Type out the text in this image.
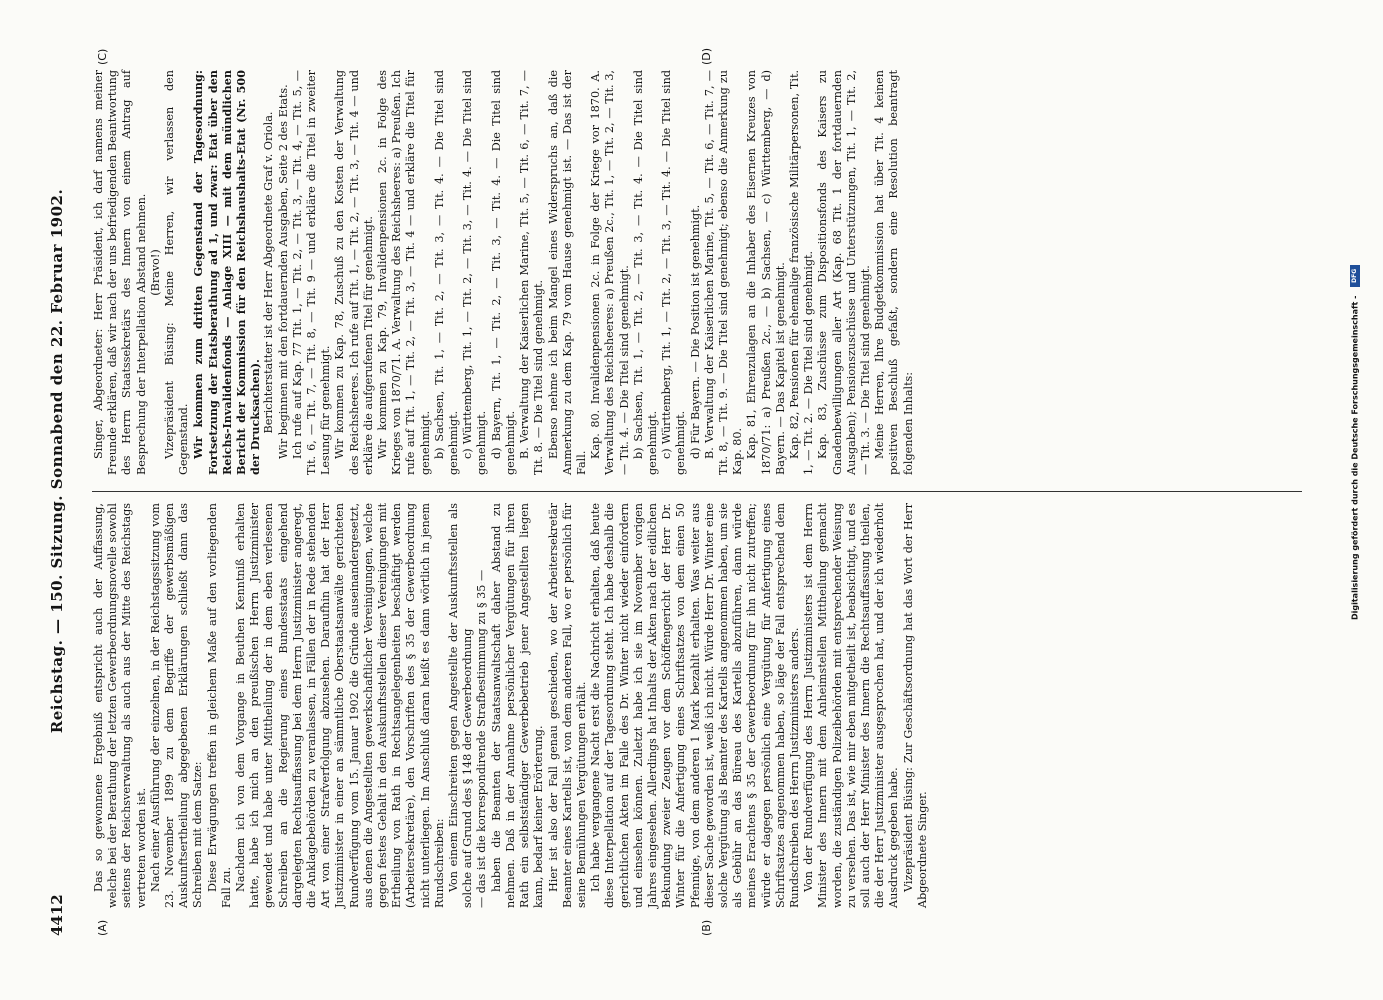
4412
Reichstag. — 150. Sitzung. Sonnabend den 22. Februar 1902.
(A)	(B)
(C)	(D)

Das so gewonnene Ergebniß entspricht auch der Auffassung, welche bei der Berathung der letzten Gewerbeordnungsnovelle sowohl seitens der Reichsverwaltung als auch aus der Mitte des Reichstags vertreten worden ist. Nach einer Ausführung der einzelnen, in der Reichstagssitzung vom 23. November 1899 zu dem Begriffe der gewerbsmäßigen Auskunftsertheilung abgegebenen Erklärungen schließt dann das Schreiben mit dem Satze: Diese Erwägungen treffen in gleichem Maße auf den vorliegenden Fall zu. Nachdem ich von dem Vorgange in Beuthen Kenntniß erhalten hatte, habe ich mich an den preußischen Herrn Justizminister gewendet und habe unter Mittheilung der in dem eben verlesenen Schreiben an die Regierung eines Bundesstaats eingehend dargelegten Rechtsauffassung bei dem Herrn Justizminister angeregt, die Anklagebehörden zu veranlassen, in Fällen der in Rede stehenden Art von einer Strafverfolgung abzusehen. Daraufhin hat der Herr Justizminister in einer an sämmtliche Oberstaatsanwälte gerichteten Rundverfügung vom 15. Januar 1902 die Gründe auseinandergesetzt, aus denen die Angestellten gewerkschaftlicher Vereinigungen, welche gegen festes Gehalt in den Auskunftsstellen dieser Vereinigungen mit Ertheilung von Rath in Rechtsangelegenheiten beschäftigt werden (Arbeitersekretäre), den Vorschriften des § 35 der Gewerbeordnung nicht unterliegen. Im Anschluß daran heißt es dann wörtlich in jenem Rundschreiben: Von einem Einschreiten gegen Angestellte der Auskunftsstellen als solche auf Grund des § 148 der Gewerbeordnung — das ist die korrespondirende Strafbestimmung zu § 35 — haben die Beamten der Staatsanwaltschaft daher Abstand zu nehmen. Daß in der Annahme persönlicher Vergütungen für ihren Rath ein selbstständiger Gewerbebetrieb jener Angestellten liegen kann, bedarf keiner Erörterung. Hier ist also der Fall genau geschieden, wo der Arbeitersekretär Beamter eines Kartells ist, von dem anderen Fall, wo er persönlich für seine Bemühungen Vergütungen erhält. Ich habe vergangene Nacht erst die Nachricht erhalten, daß heute diese Interpellation auf der Tagesordnung steht. Ich habe deshalb die gerichtlichen Akten im Falle des Dr. Winter nicht wieder einfordern und einsehen können. Zuletzt habe ich sie im November vorigen Jahres eingesehen. Allerdings hat Inhalts der Akten nach der eidlichen Bekundung zweier Zeugen vor dem Schöffengericht der Herr Dr. Winter für die Anfertigung eines Schriftsatzes von dem einen 50 Pfennige, von dem anderen 1 Mark bezahlt erhalten. Was weiter aus dieser Sache geworden ist, weiß ich nicht. Würde Herr Dr. Winter eine solche Vergütung als Beamter des Kartells angenommen haben, um sie als Gebühr an das Büreau des Kartells abzuführen, dann würde meines Erachtens § 35 der Gewerbeordnung für ihn nicht zutreffen; würde er dagegen persönlich eine Vergütung für Anfertigung eines Schriftsatzes angenommen haben, so läge der Fall entsprechend dem Rundschreiben des Herrn Justizministers anders. Von der Rundverfügung des Herrn Justizministers ist dem Herrn Minister des Innern mit dem Anheimstellen Mittheilung gemacht worden, die zuständigen Polizeibehörden mit entsprechender Weisung zu versehen. Das ist, wie mir eben mitgetheilt ist, beabsichtigt, und es soll auch der Herr Minister des Innern die Rechtsauffassung theilen, die der Herr Justizminister ausgesprochen hat, und der ich wiederholt Ausdruck gegeben habe. Vizepräsident Büsing: Zur Geschäftsordnung hat das Wort der Herr Abgeordnete Singer.

Singer, Abgeordneter: Herr Präsident, ich darf namens meiner Freunde erklären, daß wir nach der uns befriedigenden Beantwortung des Herrn Staatssekretärs des Innern von einem Antrag auf Besprechung der Interpellation Abstand nehmen. (Bravo!) Vizepräsident Büsing: Meine Herren, wir verlassen den Gegenstand. Wir kommen zum dritten Gegenstand der Tagesordnung: Fortsetzung der Etatsberathung ad 1, und zwar: Etat über den Reichs-Invalidenfonds — Anlage XIII — mit dem mündlichen Bericht der Kommission für den Reichshaushalts-Etat (Nr. 500 der Drucksachen). Berichterstatter ist der Herr Abgeordnete Graf v. Oriola. Wir beginnen mit den fortdauernden Ausgaben, Seite 2 des Etats. Ich rufe auf Kap. 77 Tit. 1, — Tit. 2, — Tit. 3, — Tit. 4, — Tit. 5, — Tit. 6, — Tit. 7, — Tit. 8, — Tit. 9 — und erkläre die Titel in zweiter Lesung für genehmigt. Wir kommen zu Kap. 78, Zuschuß zu den Kosten der Verwaltung des Reichsheeres. Ich rufe auf Tit. 1, — Tit. 2, — Tit. 3, — Tit. 4 — und erkläre die aufgerufenen Titel für genehmigt. Wir kommen zu Kap. 79, Invalidenpensionen 2c. in Folge des Krieges von 1870/71. A. Verwaltung des Reichsheeres: a) Preußen. Ich rufe auf Tit. 1, — Tit. 2, — Tit. 3, — Tit. 4 — und erkläre die Titel für genehmigt. b) Sachsen, Tit. 1, — Tit. 2, — Tit. 3, — Tit. 4. — Die Titel sind genehmigt. c) Württemberg, Tit. 1, — Tit. 2, — Tit. 3, — Tit. 4. — Die Titel sind genehmigt. d) Bayern, Tit. 1, — Tit. 2, — Tit. 3, — Tit. 4. — Die Titel sind genehmigt. B. Verwaltung der Kaiserlichen Marine, Tit. 5, — Tit. 6, — Tit. 7, — Tit. 8. — Die Titel sind genehmigt. Ebenso nehme ich beim Mangel eines Widerspruchs an, daß die Anmerkung zu dem Kap. 79 vom Hause genehmigt ist. — Das ist der Fall.

Kap. 80. Invalidenpensionen 2c. in Folge der Kriege vor 1870. A. Verwaltung des Reichsheeres: a) Preußen 2c., Tit. 1, — Tit. 2, — Tit. 3, — Tit. 4. — Die Titel sind genehmigt. b) Sachsen, Tit. 1, — Tit. 2, — Tit. 3, — Tit. 4. — Die Titel sind genehmigt. c) Württemberg, Tit. 1, — Tit. 2, — Tit. 3, — Tit. 4. — Die Titel sind genehmigt. d) Für Bayern. — Die Position ist genehmigt. B. Verwaltung der Kaiserlichen Marine, Tit. 5, — Tit. 6, — Tit. 7, — Tit. 8, — Tit. 9. — Die Titel sind genehmigt; ebenso die Anmerkung zu Kap. 80. Kap. 81, Ehrenzulagen an die Inhaber des Eisernen Kreuzes von 1870/71: a) Preußen 2c., — b) Sachsen, — c) Württemberg, — d) Bayern. — Das Kapitel ist genehmigt. Kap. 82, Pensionen für ehemalige französische Militärpersonen, Tit. 1, — Tit. 2. — Die Titel sind genehmigt. Kap. 83, Zuschüsse zum Dispositionsfonds des Kaisers zu Gnadenbewilligungen aller Art (Kap. 68 Tit. 1 der fortdauernden Ausgaben); Pensionszuschüsse und Unterstützungen, Tit. 1, — Tit. 2, — Tit. 3. — Die Titel sind genehmigt. Meine Herren, Ihre Budgetkommission hat über Tit. 4 keinen positiven Beschluß gefaßt, sondern eine Resolution beantragt folgenden Inhalts:	Digitalisierung gefördert durch die Deutsche Forschungsgemeinschaft - DFG
